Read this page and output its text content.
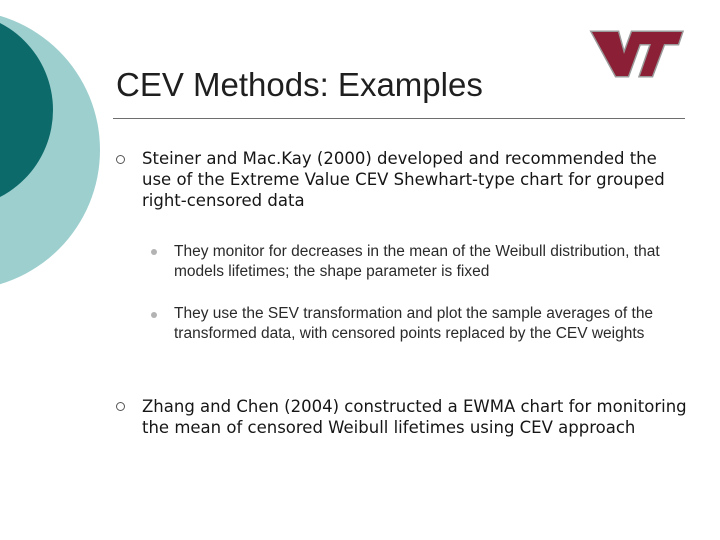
CEV Methods: Examples
Steiner and Mac.Kay (2000) developed and recommended the use of the Extreme Value CEV Shewhart-type chart for grouped right-censored data
They monitor for decreases in the mean of the Weibull distribution, that models lifetimes; the shape parameter is fixed
They use the SEV transformation and plot the sample averages of the transformed data, with censored points replaced by the CEV weights
Zhang and Chen (2004) constructed a EWMA chart for monitoring the mean of censored Weibull lifetimes using CEV approach
